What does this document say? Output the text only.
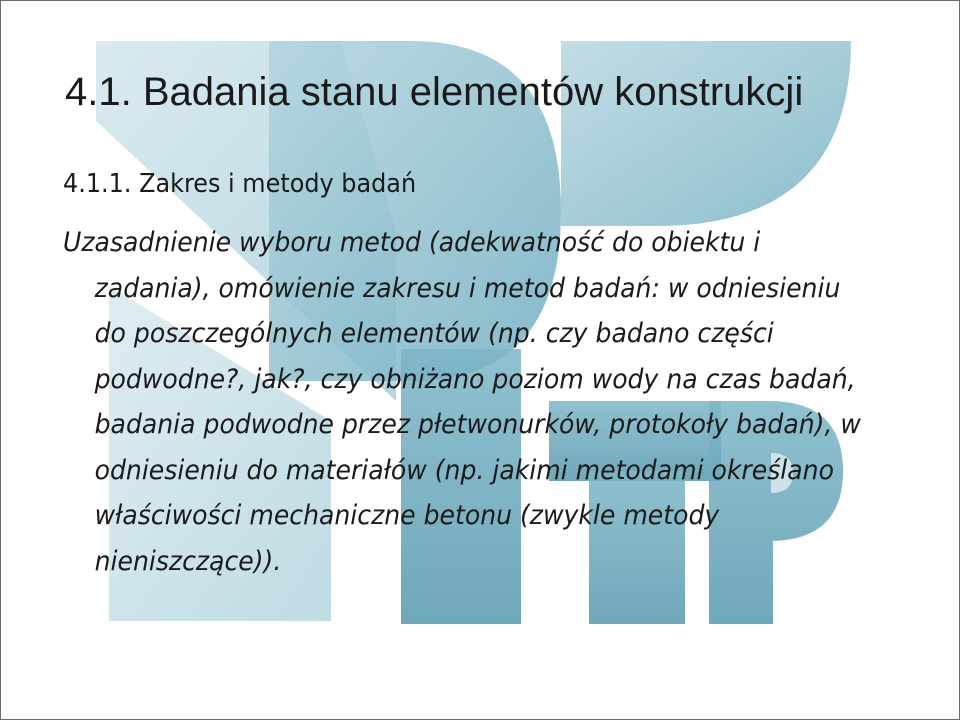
4.1. Badania stanu elementów konstrukcji
4.1.1. Zakres i metody badań

Uzasadnienie wyboru metod (adekwatność do obiektu i zadania), omówienie zakresu i metod badań: w odniesieniu do poszczególnych elementów (np. czy badano części podwodne?, jak?, czy obniżano poziom wody na czas badań, badania podwodne przez płetwonurków, protokoły badań), w odniesieniu do materiałów (np. jakimi metodami określano właściwości mechaniczne betonu (zwykle metody nieniszczące)).
